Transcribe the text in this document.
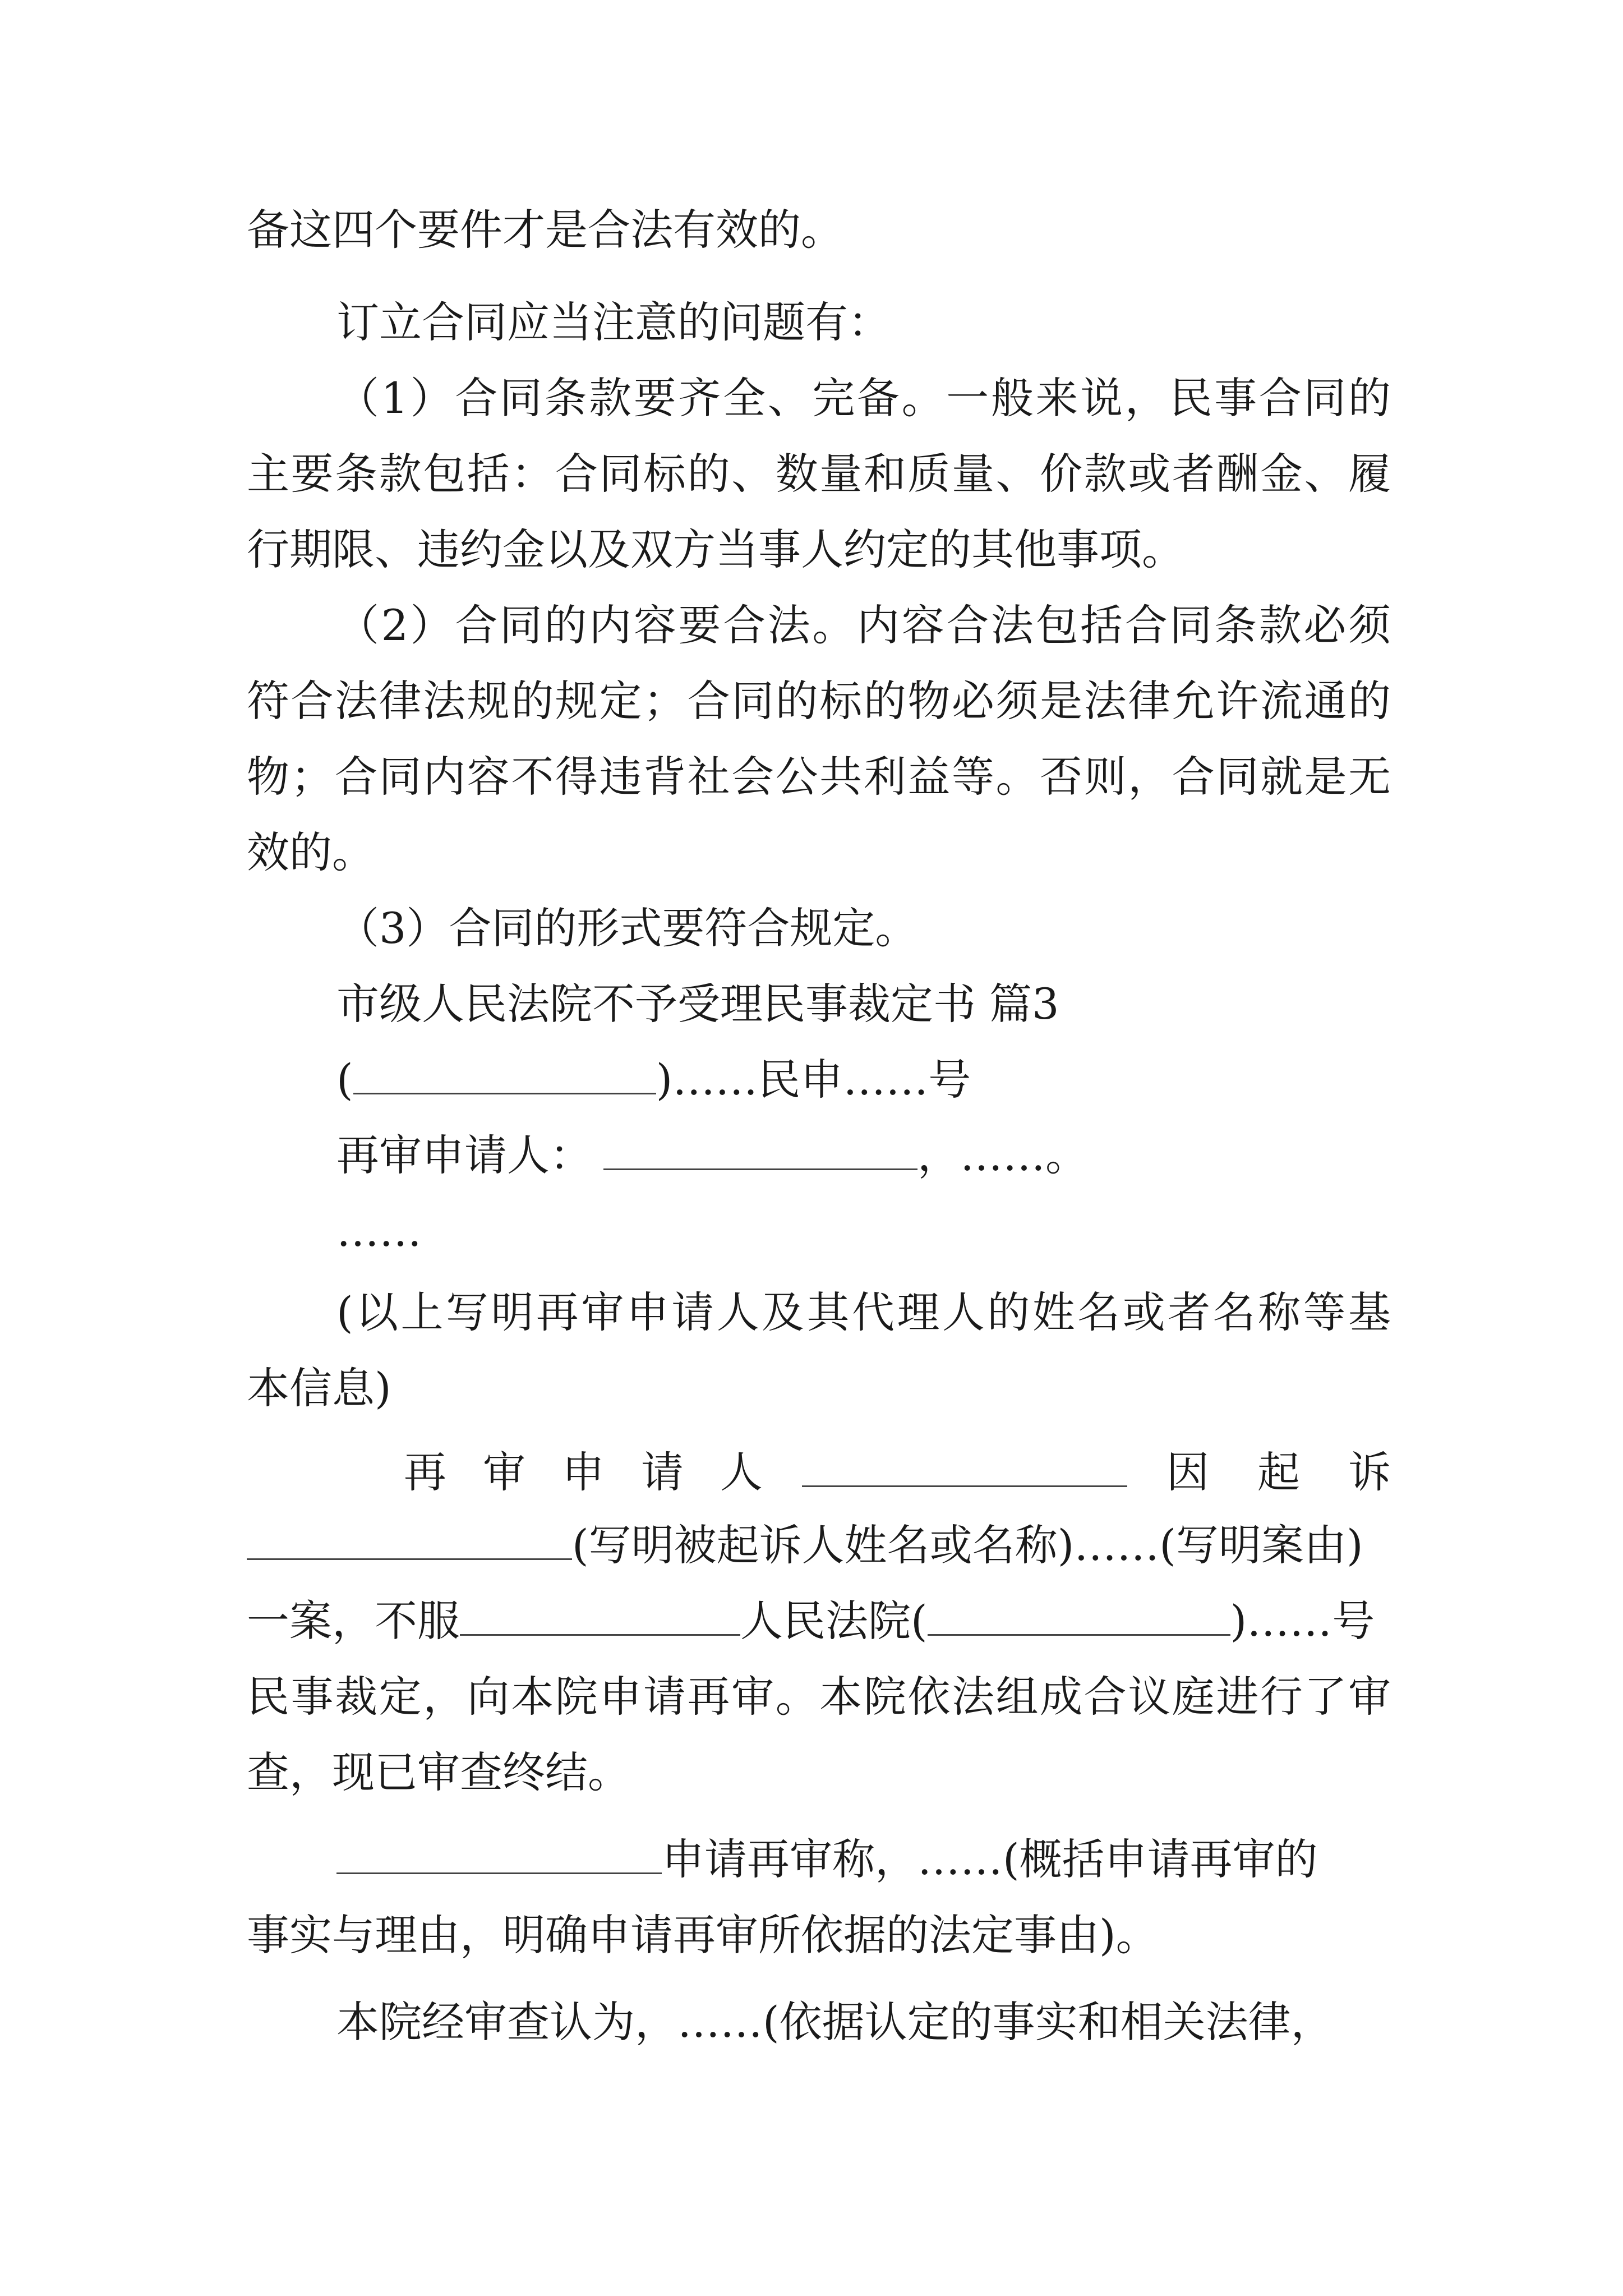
备这四个要件才是合法有效的。
订立合同应当注意的问题有：
（1）合同条款要齐全、完备。一般来说，民事合同的
主要条款包括：合同标的、数量和质量、价款或者酬金、履
行期限、违约金以及双方当事人约定的其他事项。
（2）合同的内容要合法。内容合法包括合同条款必须
符合法律法规的规定；合同的标的物必须是法律允许流通的
物；合同内容不得违背社会公共利益等。否则，合同就是无
效的。
（3）合同的形式要符合规定。
市级人民法院不予受理民事裁定书 篇3
(	)……民申……号
再审申请人：	，……。
……
(以上写明再审申请人及其代理人的姓名或者名称等基
本信息)
再 审 申 请 人	因 起 诉
(写明被起诉人姓名或名称)……(写明案由)
一案，不服	人民法院(	)……号
民事裁定，向本院申请再审。本院依法组成合议庭进行了审
查，现已审查终结。
申请再审称，……(概括申请再审的
事实与理由，明确申请再审所依据的法定事由)。
本院经审查认为，……(依据认定的事实和相关法律，
